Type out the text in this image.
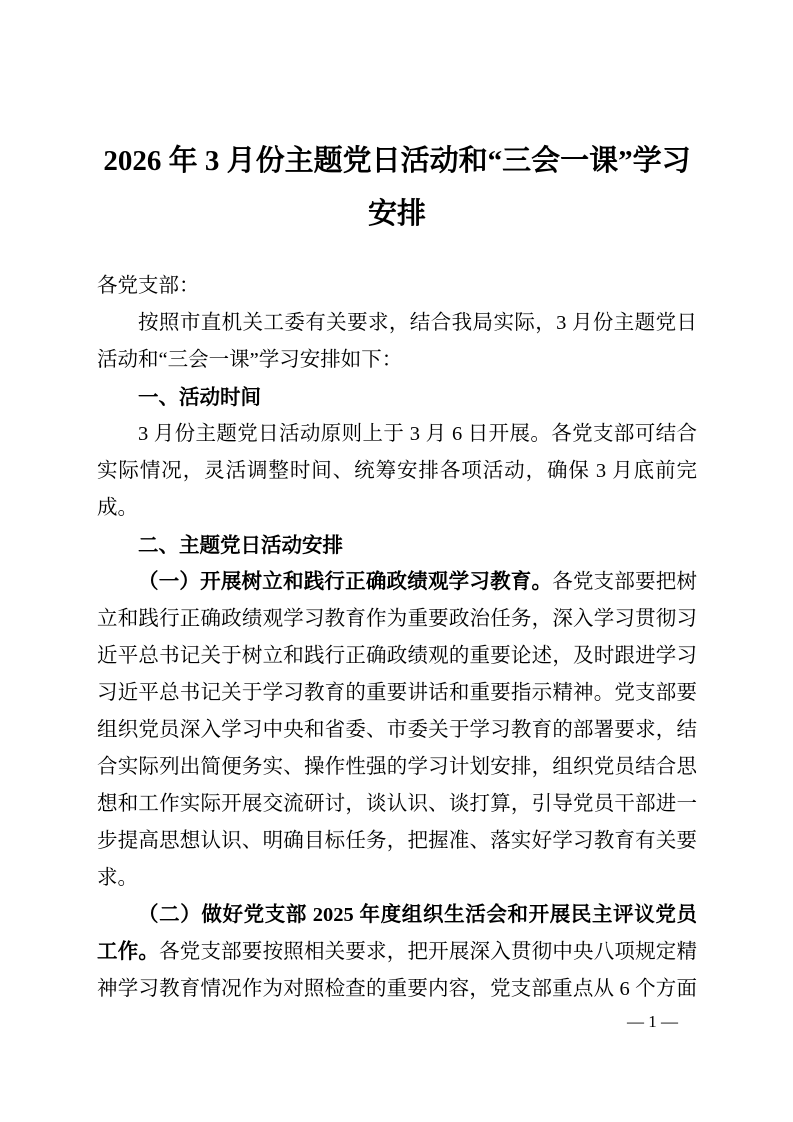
2026 年 3 月份主题党日活动和“三会一课”学习安排

各党支部：

按照市直机关工委有关要求，结合我局实际，3 月份主题党日活动和“三会一课”学习安排如下：

一、活动时间

3 月份主题党日活动原则上于 3 月 6 日开展。各党支部可结合实际情况，灵活调整时间、统筹安排各项活动，确保 3 月底前完成。

二、主题党日活动安排

（一）开展树立和践行正确政绩观学习教育。各党支部要把树立和践行正确政绩观学习教育作为重要政治任务，深入学习贯彻习近平总书记关于树立和践行正确政绩观的重要论述，及时跟进学习习近平总书记关于学习教育的重要讲话和重要指示精神。党支部要组织党员深入学习中央和省委、市委关于学习教育的部署要求，结合实际列出简便务实、操作性强的学习计划安排，组织党员结合思想和工作实际开展交流研讨，谈认识、谈打算，引导党员干部进一步提高思想认识、明确目标任务，把握准、落实好学习教育有关要求。

（二）做好党支部 2025 年度组织生活会和开展民主评议党员工作。各党支部要按照相关要求，把开展深入贯彻中央八项规定精神学习教育情况作为对照检查的重要内容，党支部重点从 6 个方面

— 1 —
